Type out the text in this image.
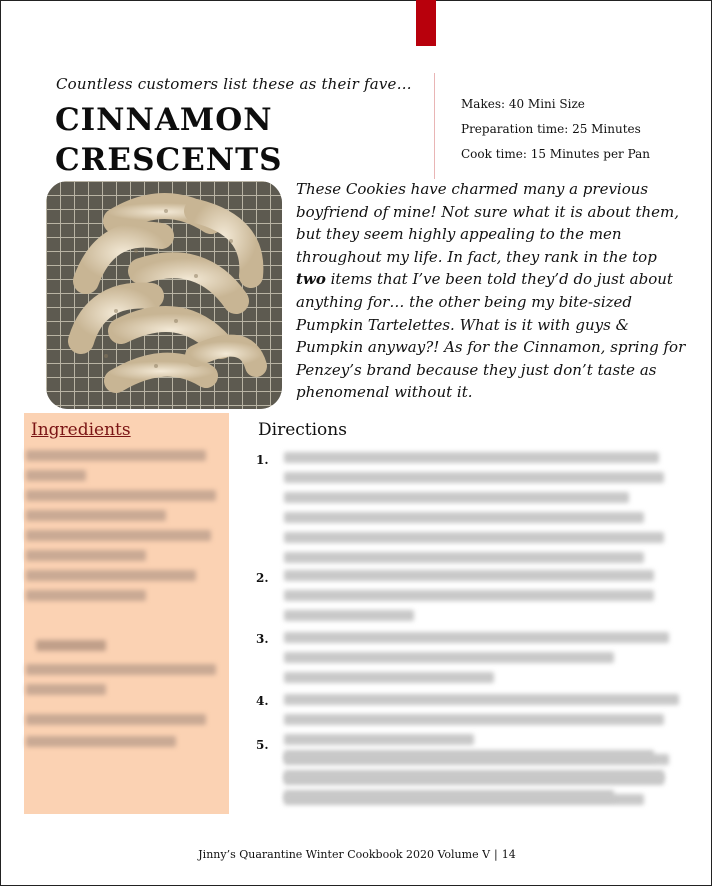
Countless customers list these as their fave…
CINNAMON
CRESCENTS
Makes: 40 Mini Size
Preparation time: 25 Minutes
Cook time: 15 Minutes per Pan

These Cookies have charmed many a previous boyfriend of mine! Not sure what it is about them, but they seem highly appealing to the men throughout my life. In fact, they rank in the top two items that I’ve been told they’d do just about anything for… the other being my bite-sized Pumpkin Tartelettes. What is it with guys & Pumpkin anyway?! As for the Cinnamon, spring for Penzey’s brand because they just don’t taste as phenomenal without it.

Ingredients	Directions
1.
2.
3.
4.
5.
Jinny’s Quarantine Winter Cookbook 2020 Volume V | 14
